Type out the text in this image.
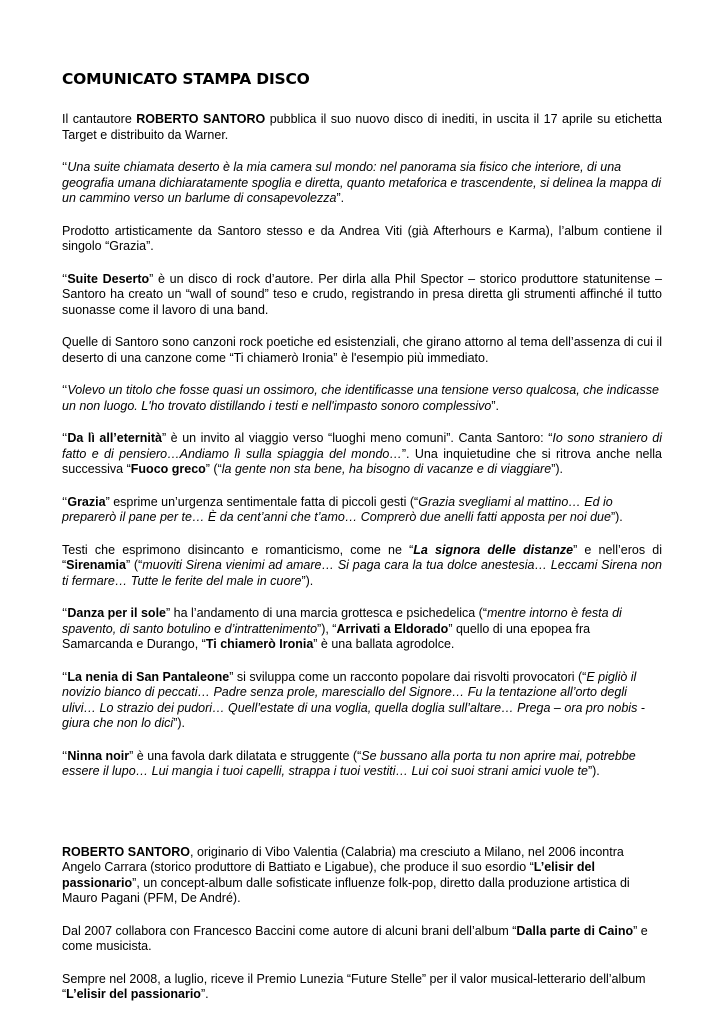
COMUNICATO STAMPA DISCO

Il cantautore ROBERTO SANTORO pubblica il suo nuovo disco di inediti, in uscita il 17 aprile su etichetta Target e distribuito da Warner.

‘‘Una suite chiamata deserto è la mia camera sul mondo: nel panorama sia fisico che interiore, di una geografia umana dichiaratamente spoglia e diretta, quanto metaforica e trascendente, si delinea la mappa di un cammino verso un barlume di consapevolezza”.

Prodotto artisticamente da Santoro stesso e da Andrea Viti (già Afterhours e Karma), l’album contiene il singolo “Grazia”.

‘‘Suite Deserto” è un disco di rock d’autore. Per dirla alla Phil Spector – storico produttore statunitense – Santoro ha creato un “wall of sound” teso e crudo, registrando in presa diretta gli strumenti affinché il tutto suonasse come il lavoro di una band.

Quelle di Santoro sono canzoni rock poetiche ed esistenziali, che girano attorno al tema dell’assenza di cui il deserto di una canzone come “Ti chiamerò Ironia” è l'esempio più immediato.

‘‘Volevo un titolo che fosse quasi un ossimoro, che identificasse una tensione verso qualcosa, che indicasse un non luogo. L'ho trovato distillando i testi e nell'impasto sonoro complessivo”.

‘‘Da lì all’eternità” è un invito al viaggio verso “luoghi meno comuni”. Canta Santoro: “Io sono straniero di fatto e di pensiero…Andiamo lì sulla spiaggia del mondo…”. Una inquietudine che si ritrova anche nella successiva “Fuoco greco” (“la gente non sta bene, ha bisogno di vacanze e di viaggiare”).

‘‘Grazia” esprime un’urgenza sentimentale fatta di piccoli gesti (“Grazia svegliami al mattino… Ed io preparerò il pane per te… È da cent’anni che t’amo… Comprerò due anelli fatti apposta per noi due”).

Testi che esprimono disincanto e romanticismo, come ne “La signora delle distanze” e nell’eros di “Sirenamia” (“muoviti Sirena vienimi ad amare… Si paga cara la tua dolce anestesia… Leccami Sirena non ti fermare… Tutte le ferite del male in cuore”).

‘‘Danza per il sole” ha l’andamento di una marcia grottesca e psichedelica (“mentre intorno è festa di spavento, di santo botulino e d’intrattenimento”), “Arrivati a Eldorado” quello di una epopea fra Samarcanda e Durango, “Ti chiamerò Ironia” è una ballata agrodolce.

‘‘La nenia di San Pantaleone” si sviluppa come un racconto popolare dai risvolti provocatori (“E pigliò il novizio bianco di peccati… Padre senza prole, maresciallo del Signore… Fu la tentazione all’orto degli ulivi… Lo strazio dei pudori… Quell’estate di una voglia, quella doglia sull’altare… Prega – ora pro nobis - giura che non lo dici”).

‘‘Ninna noir” è una favola dark dilatata e struggente (“Se bussano alla porta tu non aprire mai, potrebbe essere il lupo… Lui mangia i tuoi capelli, strappa i tuoi vestiti… Lui coi suoi strani amici vuole te”).

ROBERTO SANTORO, originario di Vibo Valentia (Calabria) ma cresciuto a Milano, nel 2006 incontra Angelo Carrara (storico produttore di Battiato e Ligabue), che produce il suo esordio “L’elisir del passionario”, un concept-album dalle sofisticate influenze folk-pop, diretto dalla produzione artistica di Mauro Pagani (PFM, De André).

Dal 2007 collabora con Francesco Baccini come autore di alcuni brani dell’album “Dalla parte di Caino” e come musicista.

Sempre nel 2008, a luglio, riceve il Premio Lunezia “Future Stelle” per il valor musical-letterario dell’album “L’elisir del passionario”.
